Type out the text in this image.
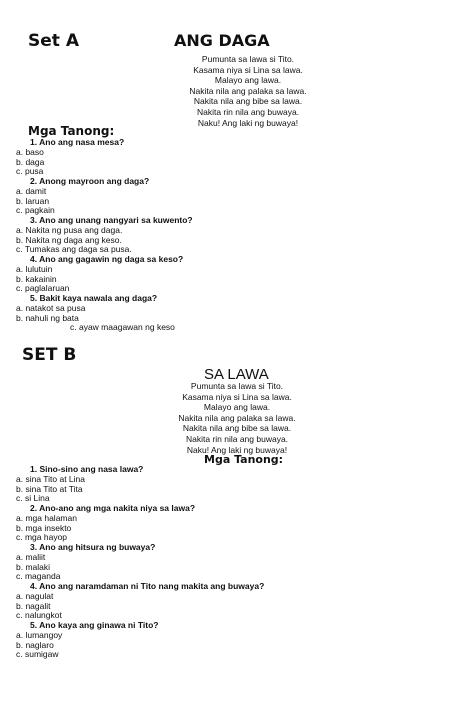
Set A	ANG DAGA
Pumunta sa lawa si Tito.
Kasama niya si Lina sa lawa.
Malayo ang lawa.
Nakita nila ang palaka sa lawa.
Nakita nila ang bibe sa lawa.
Nakita rin nila ang buwaya.
Naku! Ang laki ng buwaya!
Mga Tanong:
1. Ano ang nasa mesa?
a. baso
b. daga
c. pusa
2. Anong mayroon ang daga?
a. damit
b. laruan
c. pagkain
3. Ano ang unang nangyari sa kuwento?
a. Nakita ng pusa ang daga.
b. Nakita ng daga ang keso.
c. Tumakas ang daga sa pusa.
4. Ano ang gagawin ng daga sa keso?
a. lulutuin
b. kakainin
c. paglalaruan
5. Bakit kaya nawala ang daga?
a. natakot sa pusa
b. nahuli ng bata
c. ayaw maagawan ng keso
SET B
SA LAWA
Pumunta sa lawa si Tito.
Kasama niya si Lina sa lawa.
Malayo ang lawa.
Nakita nila ang palaka sa lawa.
Nakita nila ang bibe sa lawa.
Nakita rin nila ang buwaya.
Naku! Ang laki ng buwaya!
Mga Tanong:
1. Sino-sino ang nasa lawa?
a. sina Tito at Lina
b. sina Tito at Tita
c. si Lina
2. Ano-ano ang mga nakita niya sa lawa?
a. mga halaman
b. mga insekto
c. mga hayop
3. Ano ang hitsura ng buwaya?
a. maliit
b. malaki
c. maganda
4. Ano ang naramdaman ni Tito nang makita ang buwaya?
a. nagulat
b. nagalit
c. nalungkot
5. Ano kaya ang ginawa ni Tito?
a. lumangoy
b. naglaro
c. sumigaw
